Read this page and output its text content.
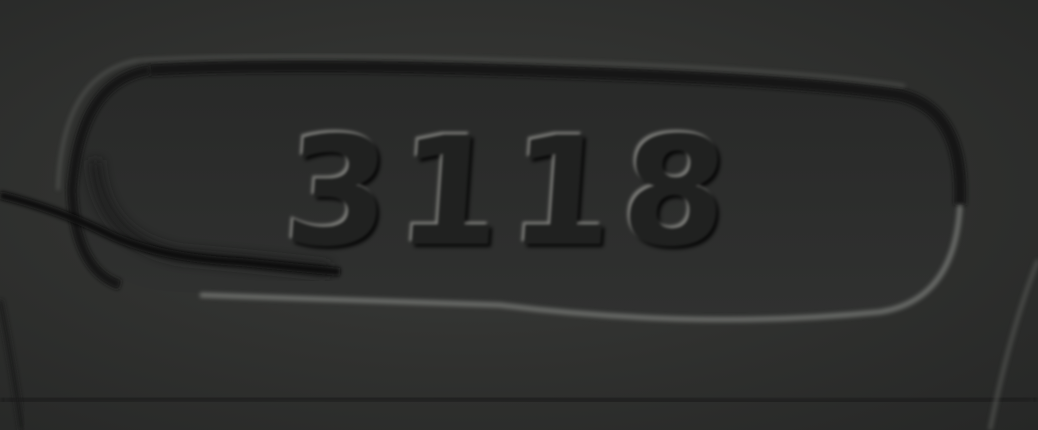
3118
